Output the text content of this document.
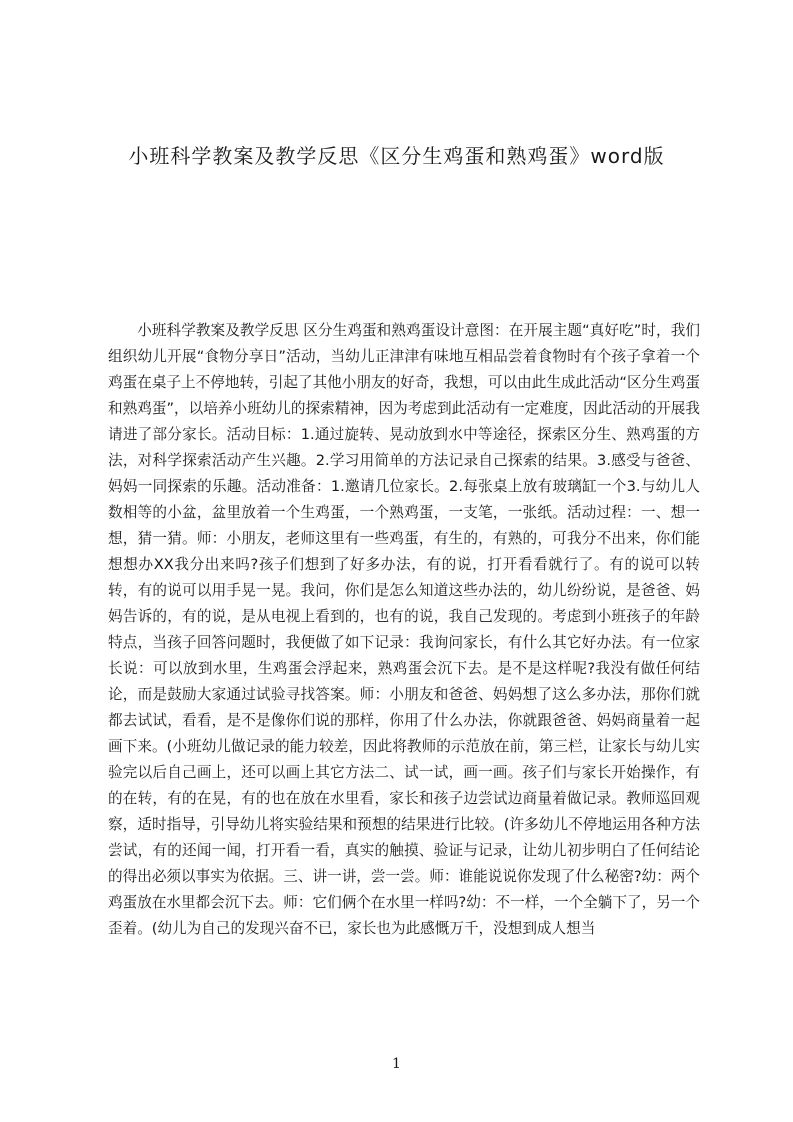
小班科学教案及教学反思《区分生鸡蛋和熟鸡蛋》word版

小班科学教案及教学反思 区分生鸡蛋和熟鸡蛋设计意图：在开展主题“真好吃”时，我们组织幼儿开展“食物分享日”活动，当幼儿正津津有味地互相品尝着食物时有个孩子拿着一个鸡蛋在桌子上不停地转，引起了其他小朋友的好奇，我想，可以由此生成此活动“区分生鸡蛋和熟鸡蛋”，以培养小班幼儿的探索精神，因为考虑到此活动有一定难度，因此活动的开展我请进了部分家长。活动目标：1.通过旋转、晃动放到水中等途径，探索区分生、熟鸡蛋的方法，对科学探索活动产生兴趣。2.学习用简单的方法记录自己探索的结果。3.感受与爸爸、妈妈一同探索的乐趣。活动准备：1.邀请几位家长。2.每张桌上放有玻璃缸一个3.与幼儿人数相等的小盆，盆里放着一个生鸡蛋，一个熟鸡蛋，一支笔，一张纸。活动过程：一、想一想，猜一猜。师：小朋友，老师这里有一些鸡蛋，有生的，有熟的，可我分不出来，你们能想想办XX我分出来吗?孩子们想到了好多办法，有的说，打开看看就行了。有的说可以转转，有的说可以用手晃一晃。我问，你们是怎么知道这些办法的，幼儿纷纷说，是爸爸、妈妈告诉的，有的说，是从电视上看到的，也有的说，我自己发现的。考虑到小班孩子的年龄特点，当孩子回答问题时，我便做了如下记录：我询问家长，有什么其它好办法。有一位家长说：可以放到水里，生鸡蛋会浮起来，熟鸡蛋会沉下去。是不是这样呢?我没有做任何结论，而是鼓励大家通过试验寻找答案。师：小朋友和爸爸、妈妈想了这么多办法，那你们就都去试试，看看，是不是像你们说的那样，你用了什么办法，你就跟爸爸、妈妈商量着一起画下来。(小班幼儿做记录的能力较差，因此将教师的示范放在前，第三栏，让家长与幼儿实验完以后自己画上，还可以画上其它方法二、试一试，画一画。孩子们与家长开始操作，有的在转，有的在晃，有的也在放在水里看，家长和孩子边尝试边商量着做记录。教师巡回观察，适时指导，引导幼儿将实验结果和预想的结果进行比较。(许多幼儿不停地运用各种方法尝试，有的还闻一闻，打开看一看，真实的触摸、验证与记录，让幼儿初步明白了任何结论的得出必须以事实为依据。三、讲一讲，尝一尝。师：谁能说说你发现了什么秘密?幼：两个鸡蛋放在水里都会沉下去。师：它们俩个在水里一样吗?幼：不一样，一个全躺下了，另一个歪着。(幼儿为自己的发现兴奋不已，家长也为此感慨万千，没想到成人想当

1
